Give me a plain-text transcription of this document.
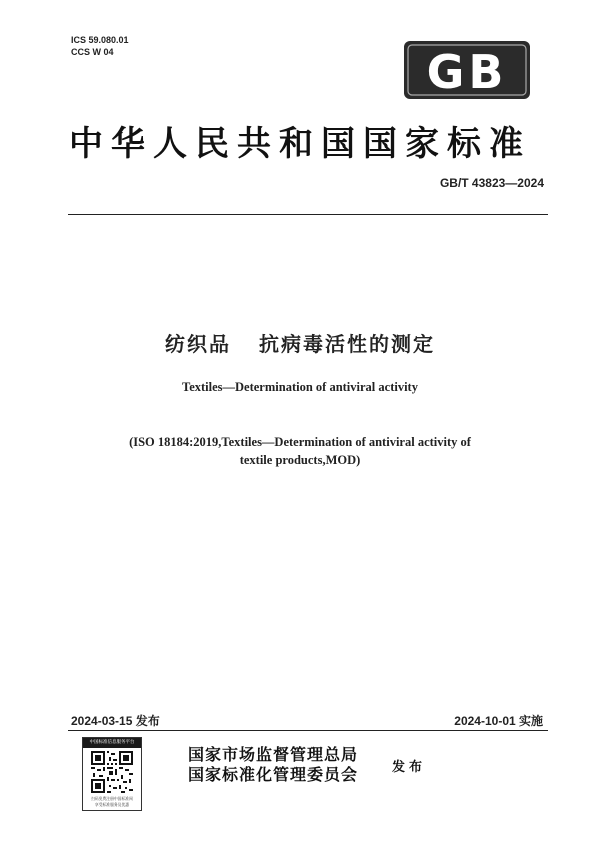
ICS 59.080.01
CCS W 04	GB
中华人民共和国国家标准
GB/T 43823—2024
纺织品 抗病毒活性的测定
Textiles—Determination of antiviral activity
(ISO 18184:2019,Textiles—Determination of antiviral activity of
textile products,MOD)
2024-03-15 发布	2024-10-01 实施
中国标准信息服务平台
扫码免费注册中国标准网
享受标准服务及优惠
国家市场监督管理总局
国家标准化管理委员会	发布
